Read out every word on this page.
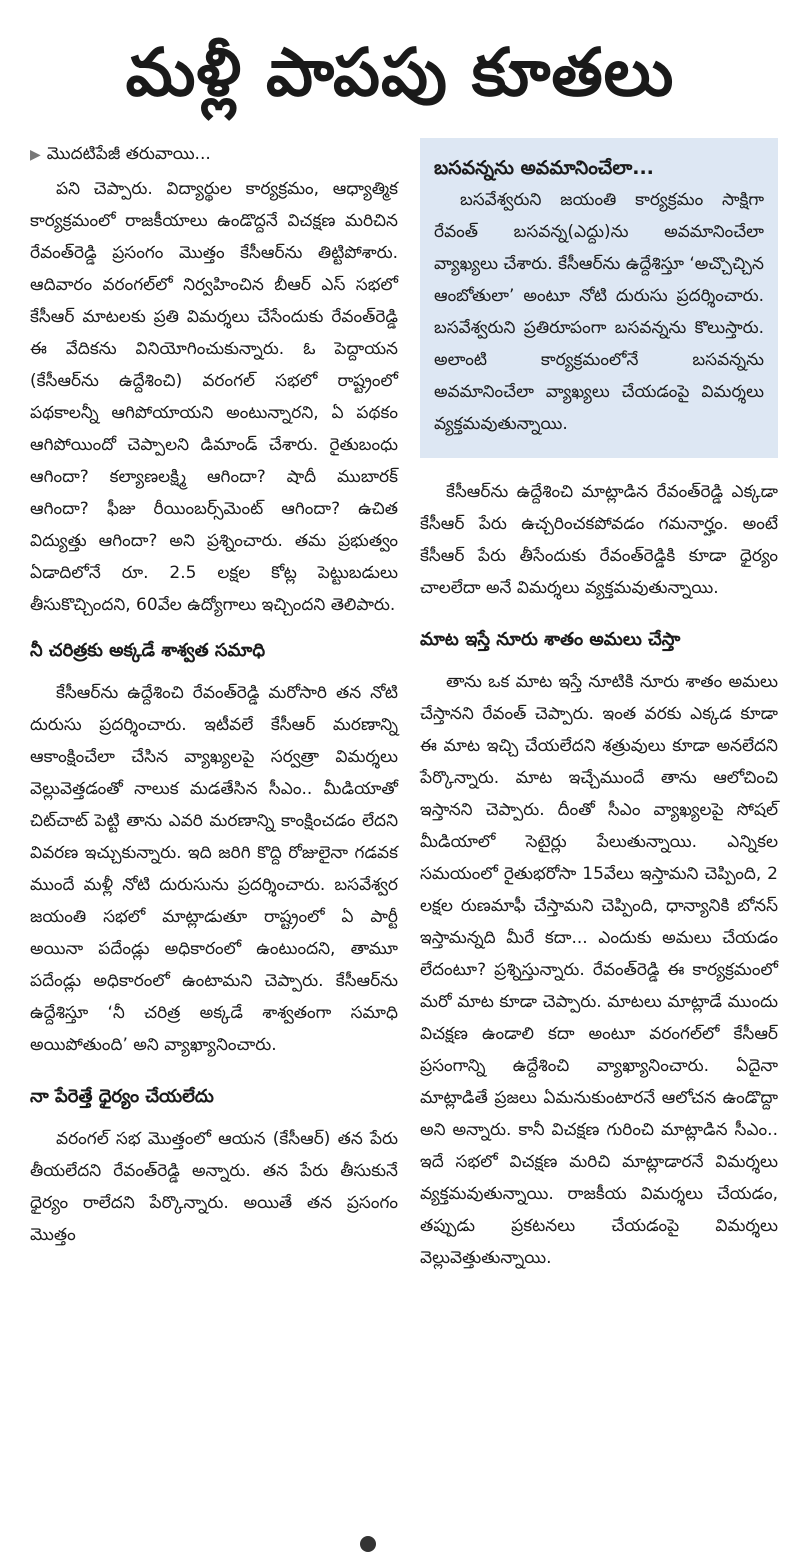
మళ్లీ పాపపు కూతలు
▶ మొదటిపేజీ తరువాయి...

పని చెప్పారు. విద్యార్థుల కార్యక్రమం, ఆధ్యాత్మిక కార్యక్రమంలో రాజకీయాలు ఉండొద్దనే విచక్షణ మరిచిన రేవంత్‌రెడ్డి ప్రసంగం మొత్తం కేసీఆర్‌ను తిట్టిపోశారు. ఆదివారం వరంగల్‌లో నిర్వహించిన బీఆర్ ఎస్ సభలో కేసీఆర్ మాటలకు ప్రతి విమర్శలు చేసేందుకు రేవంత్‌రెడ్డి ఈ వేదికను వినియోగించుకున్నారు. ఓ పెద్దాయన (కేసీఆర్‌ను ఉద్దేశించి) వరంగల్ సభలో రాష్ట్రంలో పథకాలన్నీ ఆగిపోయాయని అంటున్నారని, ఏ పథకం ఆగిపోయిందో చెప్పాలని డిమాండ్ చేశారు. రైతుబంధు ఆగిందా? కల్యాణలక్ష్మి ఆగిందా? షాదీ ముబారక్ ఆగిందా? ఫీజు రీయింబర్స్‌మెంట్ ఆగిందా? ఉచిత విద్యుత్తు ఆగిందా? అని ప్రశ్నించారు. తమ ప్రభుత్వం ఏడాదిలోనే రూ. 2.5 లక్షల కోట్ల పెట్టుబడులు తీసుకొచ్చిందని, 60వేల ఉద్యోగాలు ఇచ్చిందని తెలిపారు.

నీ చరిత్రకు అక్కడే శాశ్వత సమాధి

కేసీఆర్‌ను ఉద్దేశించి రేవంత్‌రెడ్డి మరోసారి తన నోటి దురుసు ప్రదర్శించారు. ఇటీవలే కేసీఆర్ మరణాన్ని ఆకాంక్షించేలా చేసిన వ్యాఖ్యలపై సర్వత్రా విమర్శలు వెల్లువెత్తడంతో నాలుక మడతేసిన సీఎం.. మీడియాతో చిట్‌చాట్ పెట్టి తాను ఎవరి మరణాన్ని కాంక్షించడం లేదని వివరణ ఇచ్చుకున్నారు. ఇది జరిగి కొద్ది రోజులైనా గడవక ముందే మళ్లీ నోటి దురుసును ప్రదర్శించారు. బసవేశ్వర జయంతి సభలో మాట్లాడుతూ రాష్ట్రంలో ఏ పార్టీ అయినా పదేండ్లు అధికారంలో ఉంటుందని, తామూ పదేండ్లు అధికారంలో ఉంటామని చెప్పారు. కేసీఆర్‌ను ఉద్దేశిస్తూ ‘నీ చరిత్ర అక్కడే శాశ్వతంగా సమాధి అయిపోతుంది’ అని వ్యాఖ్యానించారు.

నా పేరెత్తే ధైర్యం చేయలేదు

వరంగల్ సభ మొత్తంలో ఆయన (కేసీఆర్) తన పేరు తీయలేదని రేవంత్‌రెడ్డి అన్నారు. తన పేరు తీసుకునే ధైర్యం రాలేదని పేర్కొన్నారు. అయితే తన ప్రసంగం మొత్తం

బసవన్నను అవమానించేలా...

బసవేశ్వరుని జయంతి కార్యక్రమం సాక్షిగా రేవంత్ బసవన్న(ఎద్దు)ను అవమానించేలా వ్యాఖ్యలు చేశారు. కేసీఆర్‌ను ఉద్దేశిస్తూ ‘అచ్చొచ్చిన ఆంబోతులా’ అంటూ నోటి దురుసు ప్రదర్శించారు. బసవేశ్వరుని ప్రతిరూపంగా బసవన్నను కొలుస్తారు. అలాంటి కార్యక్రమంలోనే బసవన్నను అవమానించేలా వ్యాఖ్యలు చేయడంపై విమర్శలు వ్యక్తమవుతున్నాయి.

కేసీఆర్‌ను ఉద్దేశించి మాట్లాడిన రేవంత్‌రెడ్డి ఎక్కడా కేసీఆర్ పేరు ఉచ్చరించకపోవడం గమనార్హం. అంటే కేసీఆర్ పేరు తీసేందుకు రేవంత్‌రెడ్డికి కూడా ధైర్యం చాలలేదా అనే విమర్శలు వ్యక్తమవుతున్నాయి.

మాట ఇస్తే నూరు శాతం అమలు చేస్తా

తాను ఒక మాట ఇస్తే నూటికి నూరు శాతం అమలు చేస్తానని రేవంత్ చెప్పారు. ఇంత వరకు ఎక్కడ కూడా ఈ మాట ఇచ్చి చేయలేదని శత్రువులు కూడా అనలేదని పేర్కొన్నారు. మాట ఇచ్చేముందే తాను ఆలోచించి ఇస్తానని చెప్పారు. దీంతో సీఎం వ్యాఖ్యలపై సోషల్ మీడియాలో సెటైర్లు పేలుతున్నాయి. ఎన్నికల సమయంలో రైతుభరోసా 15వేలు ఇస్తామని చెప్పింది, 2 లక్షల రుణమాఫీ చేస్తామని చెప్పింది, ధాన్యానికి బోనస్ ఇస్తామన్నది మీరే కదా... ఎందుకు అమలు చేయడం లేదంటూ? ప్రశ్నిస్తున్నారు. రేవంత్‌రెడ్డి ఈ కార్యక్రమంలో మరో మాట కూడా చెప్పారు. మాటలు మాట్లాడే ముందు విచక్షణ ఉండాలి కదా అంటూ వరంగల్‌లో కేసీఆర్ ప్రసంగాన్ని ఉద్దేశించి వ్యాఖ్యానించారు. ఏదైనా మాట్లాడితే ప్రజలు ఏమనుకుంటారనే ఆలోచన ఉండొద్దా అని అన్నారు. కానీ విచక్షణ గురించి మాట్లాడిన సీఎం.. ఇదే సభలో విచక్షణ మరిచి మాట్లాడారనే విమర్శలు వ్యక్తమవుతున్నాయి. రాజకీయ విమర్శలు చేయడం, తప్పుడు ప్రకటనలు చేయడంపై విమర్శలు వెల్లువెత్తుతున్నాయి.
